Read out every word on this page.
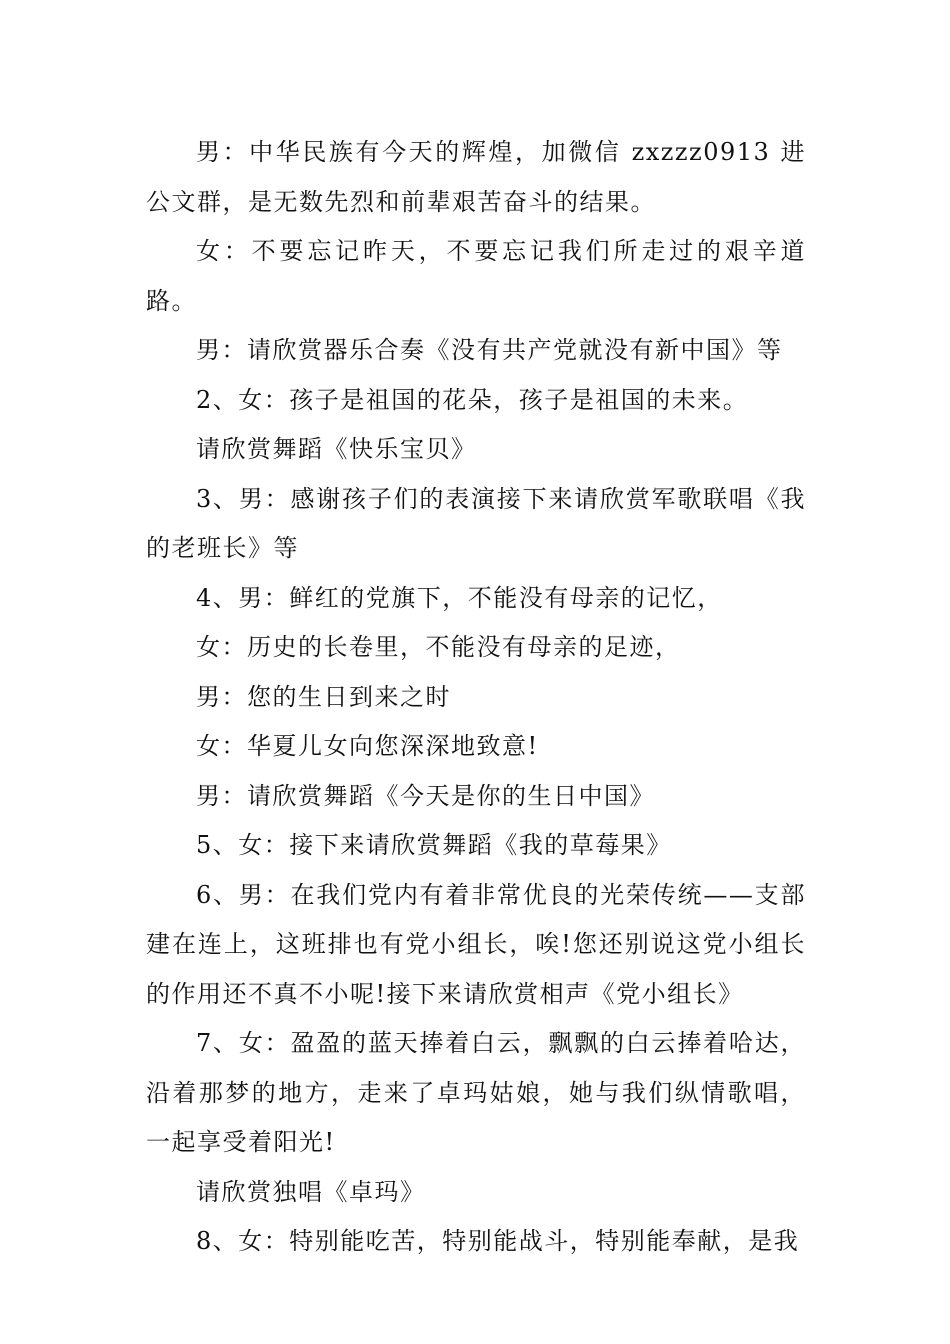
男：中华民族有今天的辉煌，加微信 zxzzz0913 进公文群，是无数先烈和前辈艰苦奋斗的结果。

女：不要忘记昨天，不要忘记我们所走过的艰辛道路。

男：请欣赏器乐合奏《没有共产党就没有新中国》等

2、女：孩子是祖国的花朵，孩子是祖国的未来。

请欣赏舞蹈《快乐宝贝》

3、男：感谢孩子们的表演接下来请欣赏军歌联唱《我的老班长》等

4、男：鲜红的党旗下，不能没有母亲的记忆，

女：历史的长卷里，不能没有母亲的足迹，

男：您的生日到来之时

女：华夏儿女向您深深地致意!

男：请欣赏舞蹈《今天是你的生日中国》

5、女：接下来请欣赏舞蹈《我的草莓果》

6、男：在我们党内有着非常优良的光荣传统——支部建在连上，这班排也有党小组长，唉!您还别说这党小组长的作用还不真不小呢!接下来请欣赏相声《党小组长》

7、女：盈盈的蓝天捧着白云，飘飘的白云捧着哈达，沿着那梦的地方，走来了卓玛姑娘，她与我们纵情歌唱，一起享受着阳光!

请欣赏独唱《卓玛》

8、女：特别能吃苦，特别能战斗，特别能奉献，是我
